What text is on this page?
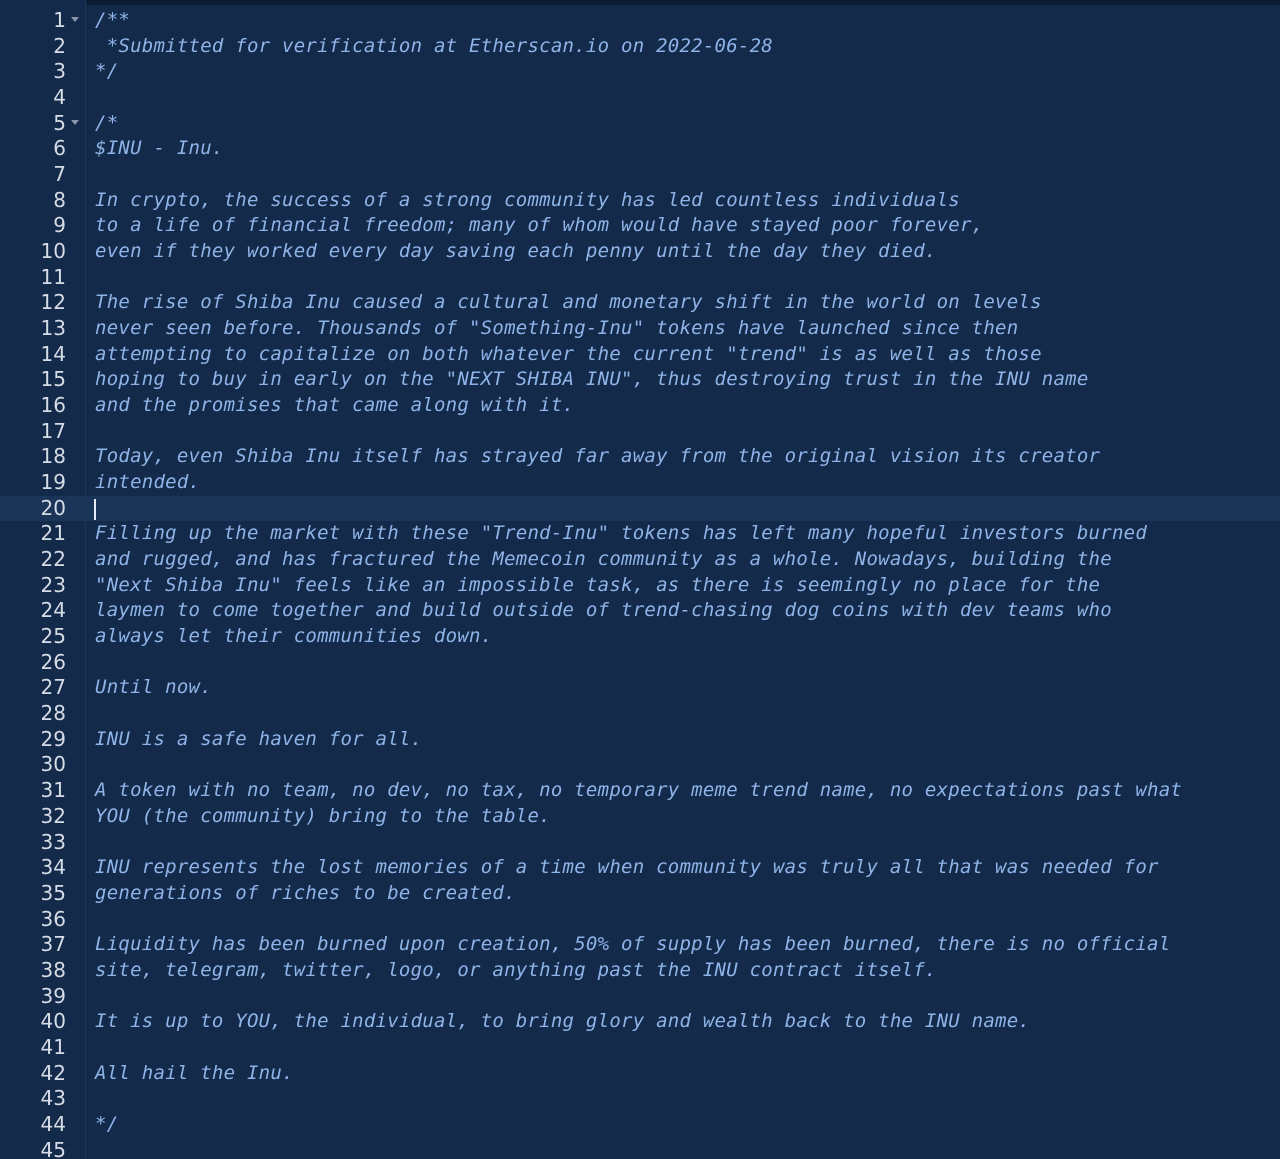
1 /**
2 *Submitted for verification at Etherscan.io on 2022-06-28
3 */
4
5 /*
6 $INU - Inu.
7
8 In crypto, the success of a strong community has led countless individuals
9 to a life of financial freedom; many of whom would have stayed poor forever,
10 even if they worked every day saving each penny until the day they died.
11
12 The rise of Shiba Inu caused a cultural and monetary shift in the world on levels
13 never seen before. Thousands of "Something-Inu" tokens have launched since then
14 attempting to capitalize on both whatever the current "trend" is as well as those
15 hoping to buy in early on the "NEXT SHIBA INU", thus destroying trust in the INU name
16 and the promises that came along with it.
17
18 Today, even Shiba Inu itself has strayed far away from the original vision its creator
19 intended.
20
21 Filling up the market with these "Trend-Inu" tokens has left many hopeful investors burned
22 and rugged, and has fractured the Memecoin community as a whole. Nowadays, building the
23 "Next Shiba Inu" feels like an impossible task, as there is seemingly no place for the
24 laymen to come together and build outside of trend-chasing dog coins with dev teams who
25 always let their communities down.
26
27 Until now.
28
29 INU is a safe haven for all.
30
31 A token with no team, no dev, no tax, no temporary meme trend name, no expectations past what
32 YOU (the community) bring to the table.
33
34 INU represents the lost memories of a time when community was truly all that was needed for
35 generations of riches to be created.
36
37 Liquidity has been burned upon creation, 50% of supply has been burned, there is no official
38 site, telegram, twitter, logo, or anything past the INU contract itself.
39
40 It is up to YOU, the individual, to bring glory and wealth back to the INU name.
41
42 All hail the Inu.
43
44 */
45
